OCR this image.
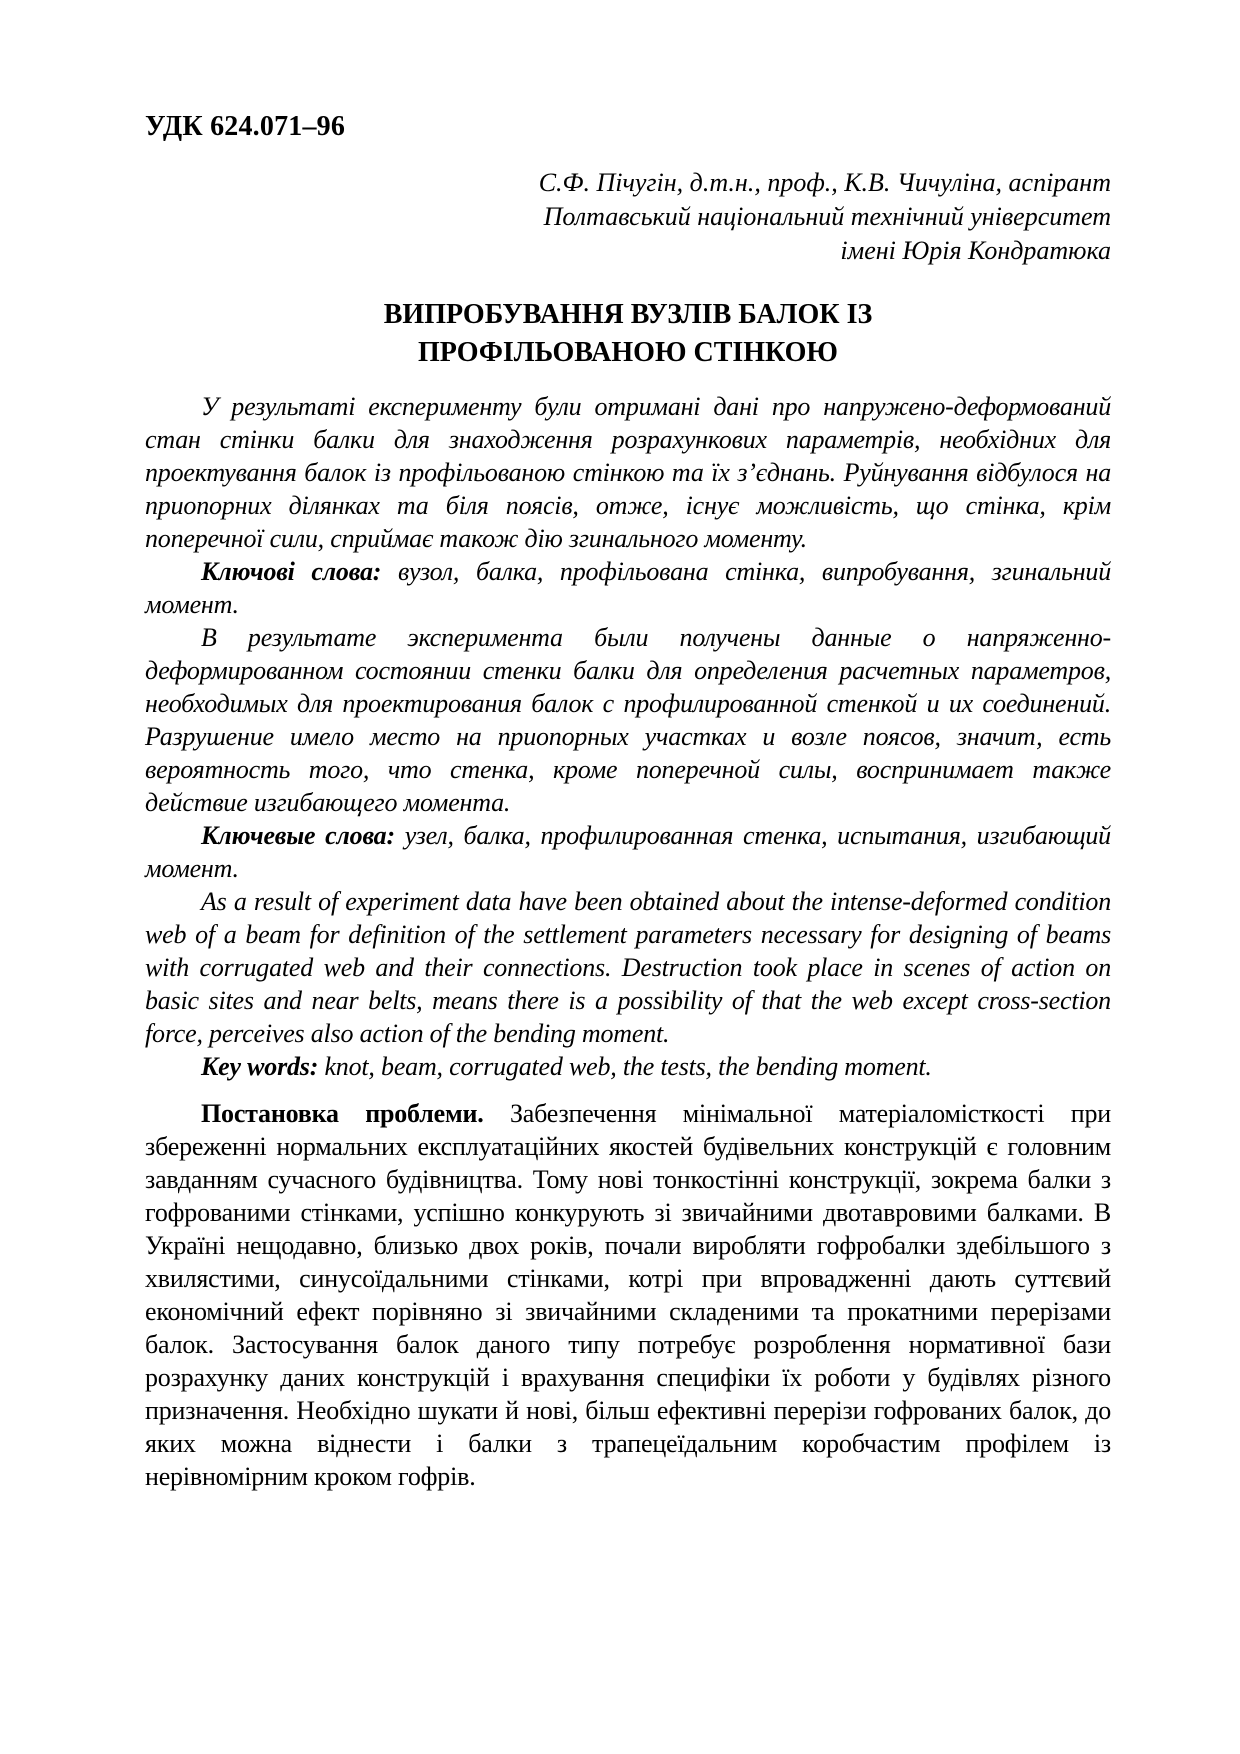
УДК 624.071–96
С.Ф. Пічугін, д.т.н., проф., К.В. Чичуліна, аспірант
Полтавський національний технічний університет
імені Юрія Кондратюка
ВИПРОБУВАННЯ ВУЗЛІВ БАЛОК ІЗ
ПРОФІЛЬОВАНОЮ СТІНКОЮ

У результаті експерименту були отримані дані про напружено-деформований стан стінки балки для знаходження розрахункових параметрів, необхідних для проектування балок із профільованою стінкою та їх з’єднань. Руйнування відбулося на приопорних ділянках та біля поясів, отже, існує можливість, що стінка, крім поперечної сили, сприймає також дію згинального моменту.

Ключові слова: вузол, балка, профільована стінка, випробування, згинальний момент.

В результате эксперимента были получены данные о напряженно-деформированном состоянии стенки балки для определения расчетных параметров, необходимых для проектирования балок с профилированной стенкой и их соединений. Разрушение имело место на приопорных участках и возле поясов, значит, есть вероятность того, что стенка, кроме поперечной силы, воспринимает также действие изгибающего момента.

Ключевые слова: узел, балка, профилированная стенка, испытания, изгибающий момент.

As a result of experiment data have been obtained about the intense-deformed condition web of a beam for definition of the settlement parameters necessary for designing of beams with corrugated web and their connections. Destruction took place in scenes of action on basic sites and near belts, means there is a possibility of that the web except cross-section force, perceives also action of the bending moment.

Key words: knot, beam, corrugated web, the tests, the bending moment.

Постановка проблеми. Забезпечення мінімальної матеріаломісткості при збереженні нормальних експлуатаційних якостей будівельних конструкцій є головним завданням сучасного будівництва. Тому нові тонкостінні конструкції, зокрема балки з гофрованими стінками, успішно конкурують зі звичайними двотавровими балками. В Україні нещодавно, близько двох років, почали виробляти гофробалки здебільшого з хвилястими, синусоїдальними стінками, котрі при впровадженні дають суттєвий економічний ефект порівняно зі звичайними складеними та прокатними перерізами балок. Застосування балок даного типу потребує розроблення нормативної бази розрахунку даних конструкцій і врахування специфіки їх роботи у будівлях різного призначення. Необхідно шукати й нові, більш ефективні перерізи гофрованих балок, до яких можна віднести і балки з трапецеїдальним коробчастим профілем із нерівномірним кроком гофрів.
